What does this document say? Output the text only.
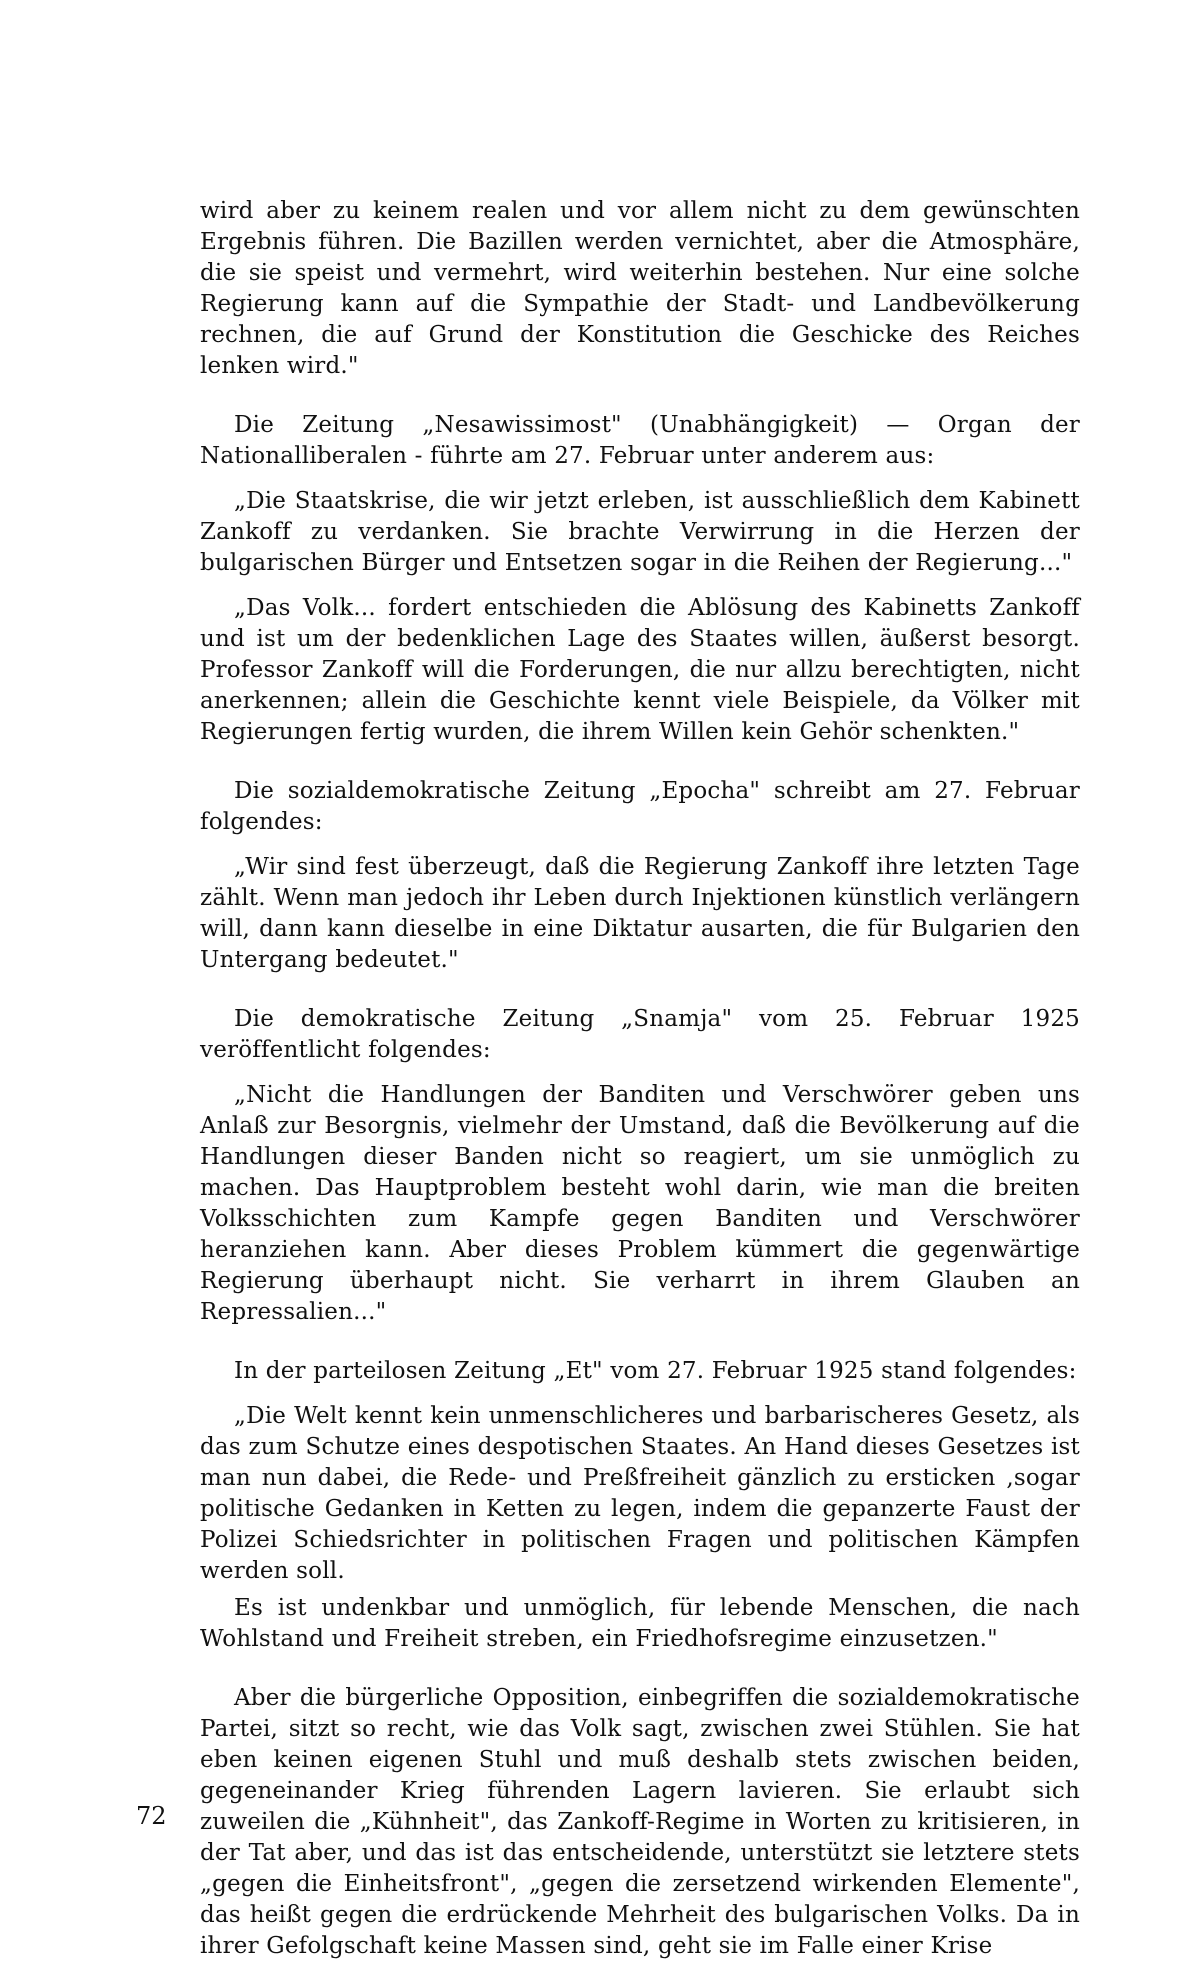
wird aber zu keinem realen und vor allem nicht zu dem gewünschten Ergebnis führen. Die Bazillen werden vernichtet, aber die Atmosphäre, die sie speist und vermehrt, wird weiterhin bestehen. Nur eine solche Regierung kann auf die Sympathie der Stadt- und Landbevölkerung rechnen, die auf Grund der Konstitution die Geschicke des Reiches lenken wird."

Die Zeitung „Nesawissimost" (Unabhängigkeit) — Organ der Nationalliberalen - führte am 27. Februar unter anderem aus:

„Die Staatskrise, die wir jetzt erleben, ist ausschließlich dem Kabinett Zankoff zu verdanken. Sie brachte Verwirrung in die Herzen der bulgarischen Bürger und Entsetzen sogar in die Reihen der Regierung..."

„Das Volk... fordert entschieden die Ablösung des Kabinetts Zankoff und ist um der bedenklichen Lage des Staates willen, äußerst besorgt. Professor Zankoff will die Forderungen, die nur allzu berechtigten, nicht anerkennen; allein die Geschichte kennt viele Beispiele, da Völker mit Regierungen fertig wurden, die ihrem Willen kein Gehör schenkten."

Die sozialdemokratische Zeitung „Epocha" schreibt am 27. Februar folgendes:

„Wir sind fest überzeugt, daß die Regierung Zankoff ihre letzten Tage zählt. Wenn man jedoch ihr Leben durch Injektionen künstlich verlängern will, dann kann dieselbe in eine Diktatur ausarten, die für Bulgarien den Untergang bedeutet."

Die demokratische Zeitung „Snamja" vom 25. Februar 1925 veröffentlicht folgendes:

„Nicht die Handlungen der Banditen und Verschwörer geben uns Anlaß zur Besorgnis, vielmehr der Umstand, daß die Bevölkerung auf die Handlungen dieser Banden nicht so reagiert, um sie unmöglich zu machen. Das Hauptproblem besteht wohl darin, wie man die breiten Volksschichten zum Kampfe gegen Banditen und Verschwörer heranziehen kann. Aber dieses Problem kümmert die gegenwärtige Regierung überhaupt nicht. Sie verharrt in ihrem Glauben an Repressalien..."

In der parteilosen Zeitung „Et" vom 27. Februar 1925 stand folgendes:

„Die Welt kennt kein unmenschlicheres und barbarischeres Gesetz, als das zum Schutze eines despotischen Staates. An Hand dieses Gesetzes ist man nun dabei, die Rede- und Preßfreiheit gänzlich zu ersticken ,sogar politische Gedanken in Ketten zu legen, indem die gepanzerte Faust der Polizei Schiedsrichter in politischen Fragen und politischen Kämpfen werden soll.

Es ist undenkbar und unmöglich, für lebende Menschen, die nach Wohlstand und Freiheit streben, ein Friedhofsregime einzusetzen."

Aber die bürgerliche Opposition, einbegriffen die sozialdemokratische Partei, sitzt so recht, wie das Volk sagt, zwischen zwei Stühlen. Sie hat eben keinen eigenen Stuhl und muß deshalb stets zwischen beiden, gegeneinander Krieg führenden Lagern lavieren. Sie erlaubt sich zuweilen die „Kühnheit", das Zankoff-Regime in Worten zu kritisieren, in der Tat aber, und das ist das entscheidende, unterstützt sie letztere stets „gegen die Einheitsfront", „gegen die zersetzend wirkenden Elemente", das heißt gegen die erdrückende Mehrheit des bulgarischen Volks. Da in ihrer Gefolgschaft keine Massen sind, geht sie im Falle einer Krise

72
